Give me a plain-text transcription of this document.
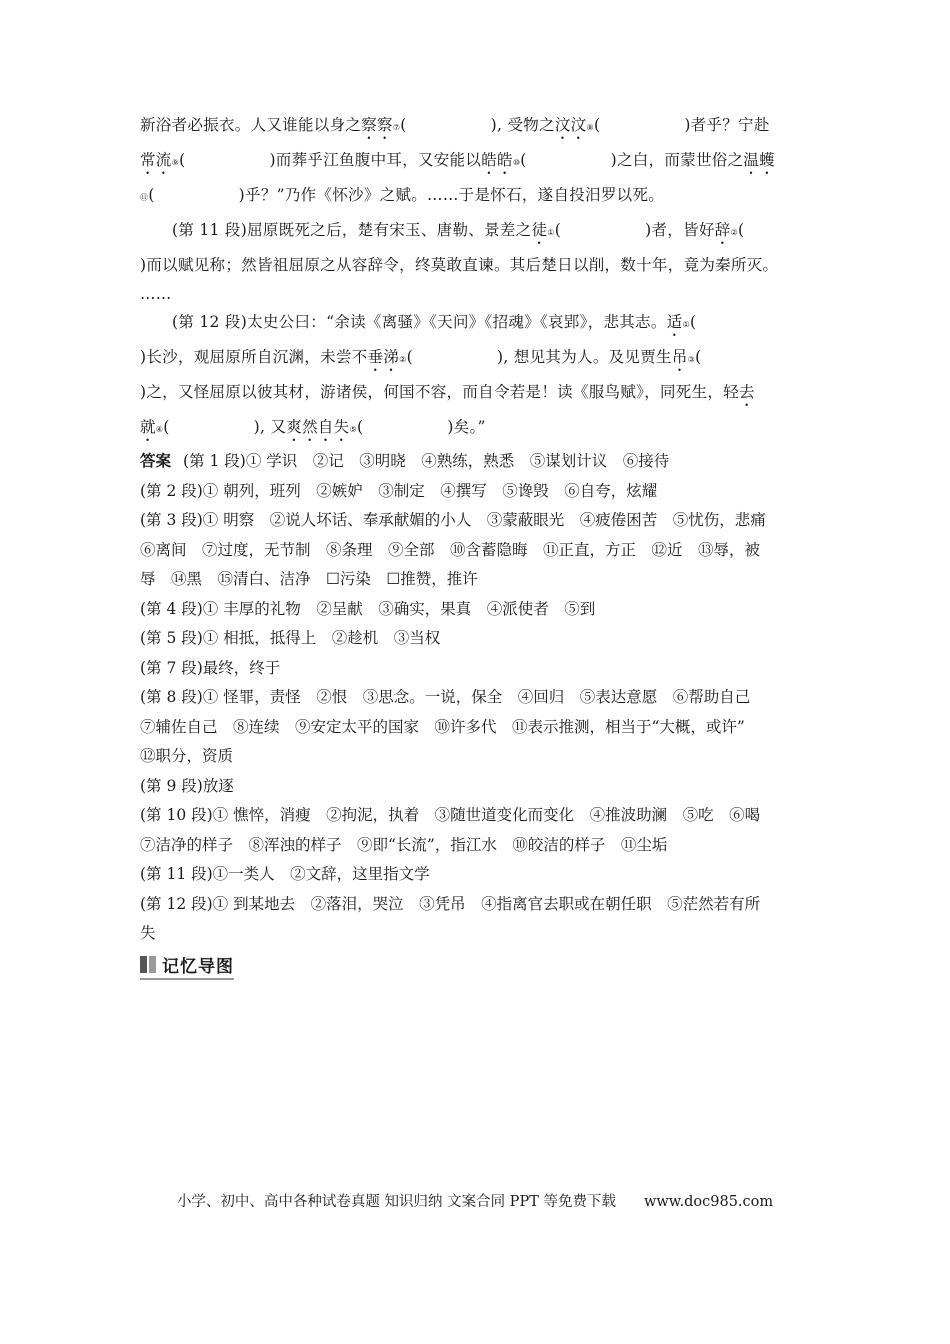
新浴者必振衣。人又谁能以身之察察⑦(	), 受物之汶汶⑧(	)者乎？宁赴
常流⑨(	)而葬乎江鱼腹中耳，又安能以皓皓⑩(	)之白，而蒙世俗之温蠖
⑪(	)乎？”乃作《怀沙》之赋。……于是怀石，遂自投汨罗以死。
(第 11 段)屈原既死之后，楚有宋玉、唐勒、景差之徒①(	)者，皆好辞②(
)而以赋见称；然皆祖屈原之从容辞令，终莫敢直谏。其后楚日以削，数十年，竟为秦所灭。
……
(第 12 段)太史公曰：“余读《离骚》《天问》《招魂》《哀郢》，悲其志。适①(
)长沙，观屈原所自沉渊，未尝不垂涕②(	), 想见其为人。及见贾生吊③(
)之，又怪屈原以彼其材，游诸侯，何国不容，而自令若是！读《服鸟赋》，同死生，轻去
就④(	), 又爽然自失⑤(	)矣。”
答案 (第 1 段)① 学识　②记　③明晓　④熟练，熟悉　⑤谋划计议　⑥接待
(第 2 段)① 朝列，班列　②嫉妒　③制定　④撰写　⑤谗毁　⑥自夸，炫耀
(第 3 段)① 明察　②说人坏话、奉承献媚的小人　③蒙蔽眼光　④疲倦困苦　⑤忧伤，悲痛
⑥离间　⑦过度，无节制　⑧条理　⑨全部　⑩含蓄隐晦　⑪正直，方正　⑫近　⑬辱，被
辱　⑭黑　⑮清白、洁净　☐污染　☐推赞，推许
(第 4 段)① 丰厚的礼物　②呈献　③确实，果真　④派使者　⑤到
(第 5 段)① 相抵，抵得上　②趁机　③当权
(第 7 段)最终，终于
(第 8 段)① 怪罪，责怪　②恨　③思念。一说，保全　④回归　⑤表达意愿　⑥帮助自己
⑦辅佐自己　⑧连续　⑨安定太平的国家　⑩许多代　⑪表示推测，相当于“大概，或许”
⑫职分，资质
(第 9 段)放逐
(第 10 段)① 憔悴，消瘦　②拘泥，执着　③随世道变化而变化　④推波助澜　⑤吃　⑥喝
⑦洁净的样子　⑧浑浊的样子　⑨即“长流”，指江水　⑩皎洁的样子　⑪尘垢
(第 11 段)①一类人　②文辞，这里指文学
(第 12 段)① 到某地去　②落泪，哭泣　③凭吊　④指离官去职或在朝任职　⑤茫然若有所
失
记忆导图
小学、初中、高中各种试卷真题 知识归纳 文案合同 PPT 等免费下载 www.doc985.com
